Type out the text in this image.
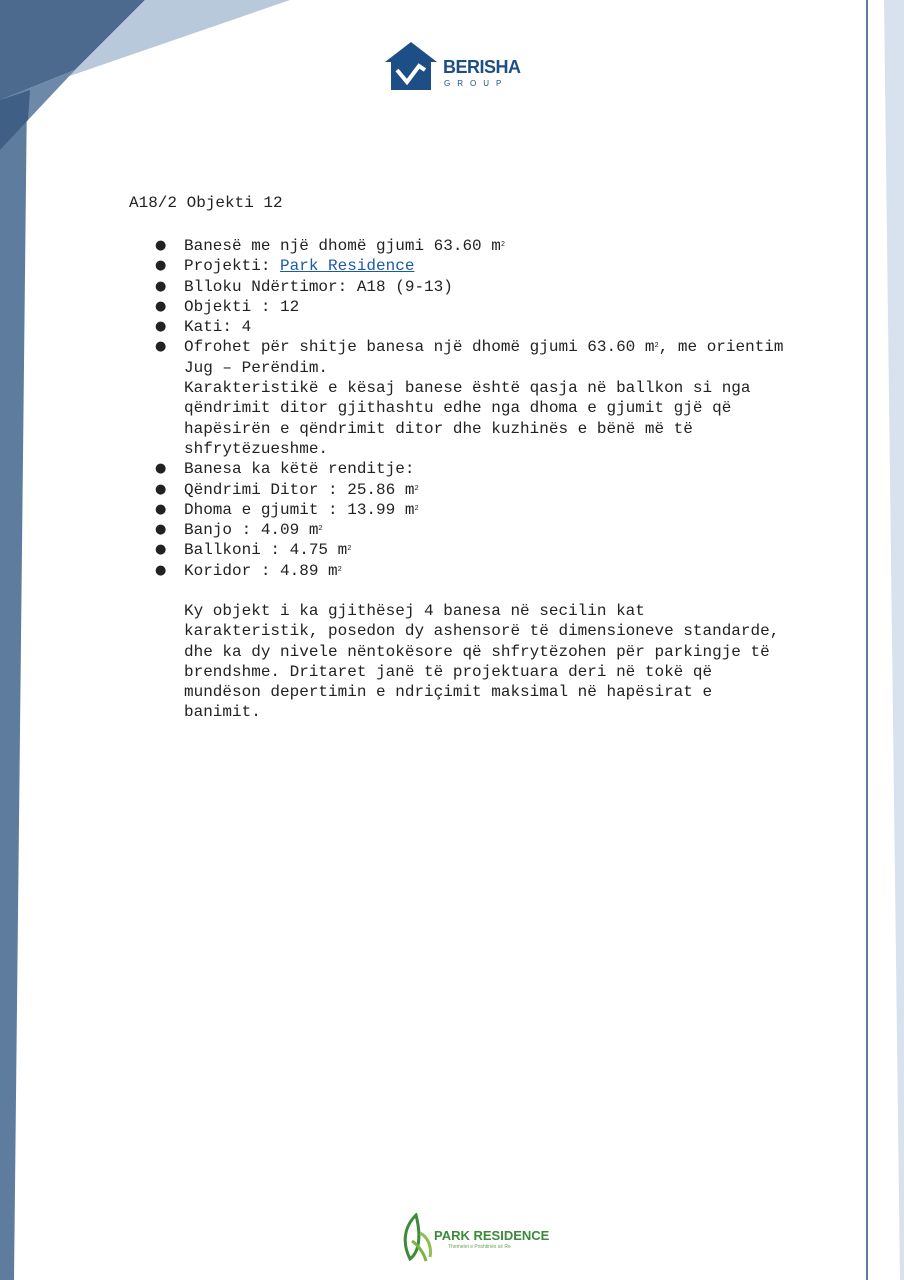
BERISHA
GROUP
A18/2 Objekti 12
● Banesë me një dhomë gjumi 63.60 $m^2$
● Projekti: Park Residence
● Blloku Ndërtimor: A18 (9-13)
● Objekti : 12
● Kati: 4
● Ofrohet për shitje banesa një dhomë gjumi 63.60 $m^2$, me orientim
Jug – Perëndim.
Karakteristikë e kësaj banese është qasja në ballkon si nga
qëndrimit ditor gjithashtu edhe nga dhoma e gjumit gjë që
hapësirën e qëndrimit ditor dhe kuzhinës e bënë më të
shfrytëzueshme.
● Banesa ka këtë renditje:
● Qëndrimi Ditor : 25.86 $m^2$
● Dhoma e gjumit : 13.99 $m^2$
● Banjo : 4.09 $m^2$
● Ballkoni : 4.75 $m^2$
● Koridor : 4.89 $m^2$
Ky objekt i ka gjithësej 4 banesa në secilin kat
karakteristik, posedon dy ashensorë të dimensioneve standarde,
dhe ka dy nivele nëntokësore që shfrytëzohen për parkingje të
brendshme. Dritaret janë të projektuara deri në tokë që
mundëson depertimin e ndriçimit maksimal në hapësirat e
banimit.
PARK RESIDENCE
Themelet e Prishtinës së Re
